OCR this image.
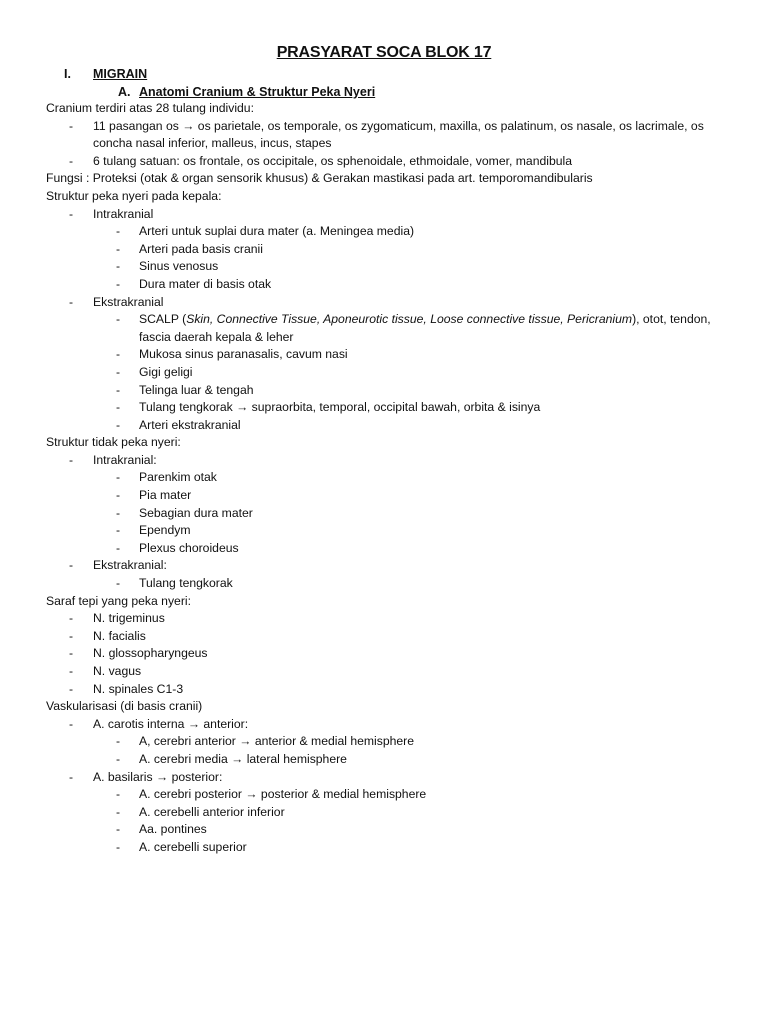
PRASYARAT SOCA BLOK 17
I. MIGRAIN
A. Anatomi Cranium & Struktur Peka Nyeri
Cranium terdiri atas 28 tulang individu:
- 11 pasangan os → os parietale, os temporale, os zygomaticum, maxilla, os palatinum, os nasale, os lacrimale, os concha nasal inferior, malleus, incus, stapes
- 6 tulang satuan: os frontale, os occipitale, os sphenoidale, ethmoidale, vomer, mandibula
Fungsi : Proteksi (otak & organ sensorik khusus) & Gerakan mastikasi pada art. temporomandibularis
Struktur peka nyeri pada kepala:
- Intrakranial
- Arteri untuk suplai dura mater (a. Meningea media)
- Arteri pada basis cranii
- Sinus venosus
- Dura mater di basis otak
- Ekstrakranial
- SCALP (Skin, Connective Tissue, Aponeurotic tissue, Loose connective tissue, Pericranium), otot, tendon, fascia daerah kepala & leher
- Mukosa sinus paranasalis, cavum nasi
- Gigi geligi
- Telinga luar & tengah
- Tulang tengkorak → supraorbita, temporal, occipital bawah, orbita & isinya
- Arteri ekstrakranial
Struktur tidak peka nyeri:
- Intrakranial:
- Parenkim otak
- Pia mater
- Sebagian dura mater
- Ependym
- Plexus choroideus
- Ekstrakranial:
- Tulang tengkorak
Saraf tepi yang peka nyeri:
- N. trigeminus
- N. facialis
- N. glossopharyngeus
- N. vagus
- N. spinales C1-3
Vaskularisasi (di basis cranii)
- A. carotis interna → anterior:
- A, cerebri anterior → anterior & medial hemisphere
- A. cerebri media → lateral hemisphere
- A. basilaris → posterior:
- A. cerebri posterior → posterior & medial hemisphere
- A. cerebelli anterior inferior
- Aa. pontines
- A. cerebelli superior
